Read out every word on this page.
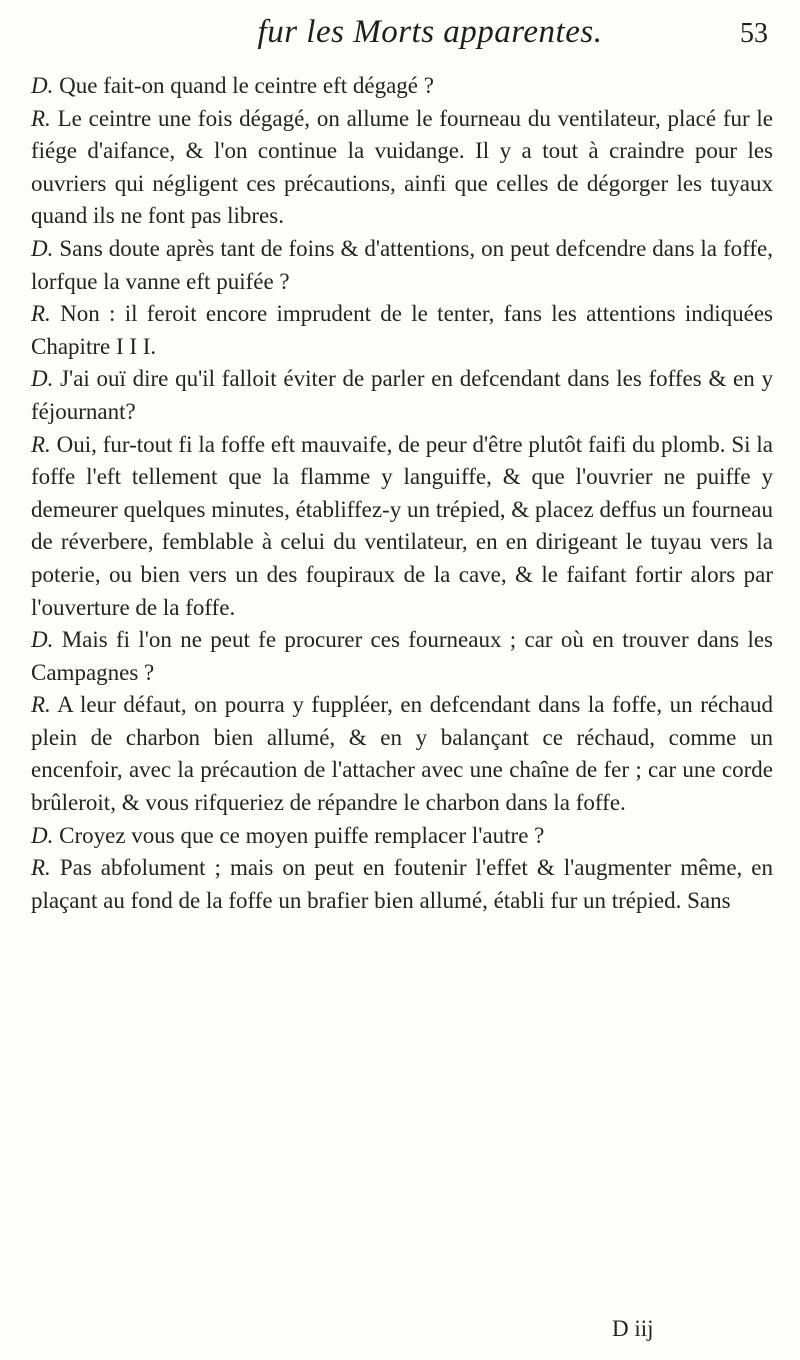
fur les Morts apparentes.	53

D. Que fait-on quand le ceintre eft dégagé ?

R. Le ceintre une fois dégagé, on allume le fourneau du ventilateur, placé fur le fiége d'aifance, & l'on continue la vuidange. Il y a tout à craindre pour les ouvriers qui négligent ces précautions, ainfi que celles de dégorger les tuyaux quand ils ne font pas libres.

D. Sans doute après tant de foins & d'attentions, on peut defcendre dans la foffe, lorfque la vanne eft puifée ?

R. Non : il feroit encore imprudent de le tenter, fans les attentions indiquées Chapitre I I I.

D. J'ai ouï dire qu'il falloit éviter de parler en defcendant dans les foffes & en y féjournant?

R. Oui, fur-tout fi la foffe eft mauvaife, de peur d'être plutôt faifi du plomb. Si la foffe l'eft tellement que la flamme y languiffe, & que l'ouvrier ne puiffe y demeurer quelques minutes, établiffez-y un trépied, & placez deffus un fourneau de réverbere, femblable à celui du ventilateur, en en dirigeant le tuyau vers la poterie, ou bien vers un des foupiraux de la cave, & le faifant fortir alors par l'ouverture de la foffe.

D. Mais fi l'on ne peut fe procurer ces fourneaux ; car où en trouver dans les Campagnes ?

R. A leur défaut, on pourra y fuppléer, en defcendant dans la foffe, un réchaud plein de charbon bien allumé, & en y balançant ce réchaud, comme un encenfoir, avec la précaution de l'attacher avec une chaîne de fer ; car une corde brûleroit, & vous rifqueriez de répandre le charbon dans la foffe.

D. Croyez vous que ce moyen puiffe remplacer l'autre ?

R. Pas abfolument ; mais on peut en foutenir l'effet & l'augmenter même, en plaçant au fond de la foffe un brafier bien allumé, établi fur un trépied. Sans

D iij
